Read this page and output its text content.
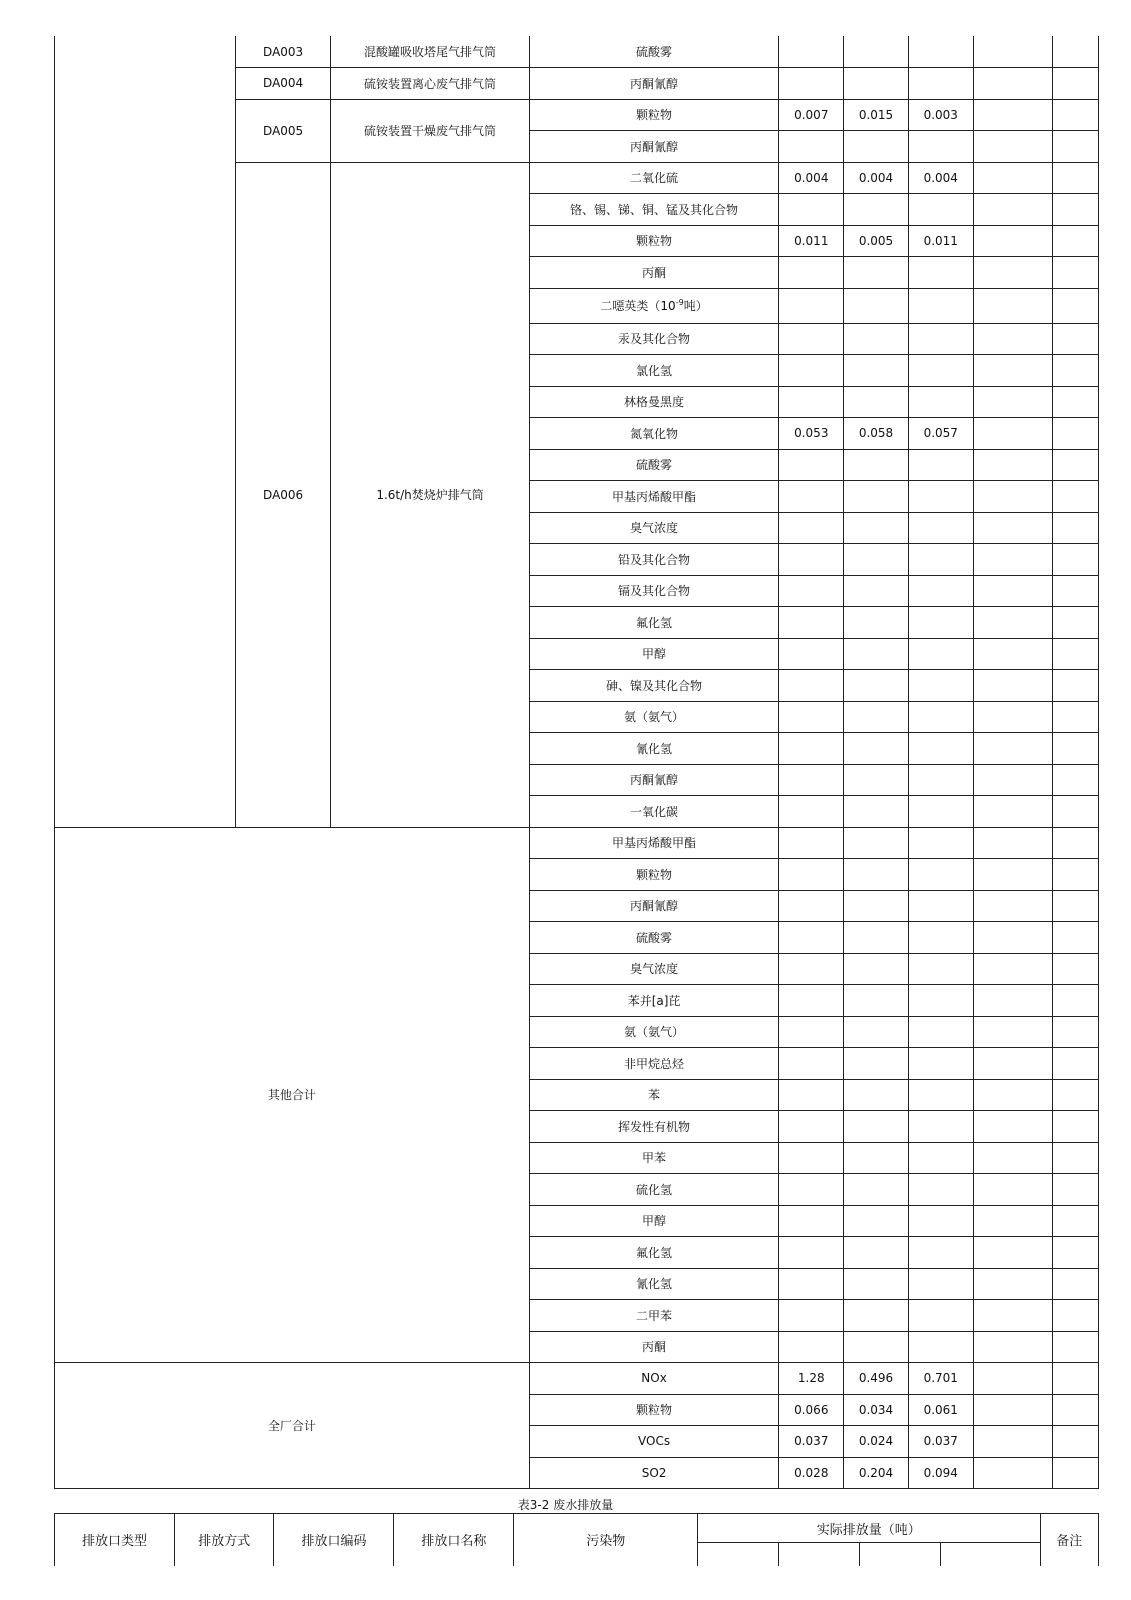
	DA003	混酸罐吸收塔尾气排气筒	硫酸雾					
	DA004	硫铵装置离心废气排气筒	丙酮氰醇					
	DA005	硫铵装置干燥废气排气筒	颗粒物	0.007	0.015	0.003		
			丙酮氰醇					
	DA006	1.6t/h焚烧炉排气筒	二氧化硫	0.004	0.004	0.004		
			铬、锡、锑、铜、锰及其化合物					
			颗粒物	0.011	0.005	0.011		
			丙酮					
			二噁英类（$10^{-9}$吨）					
			汞及其化合物					
			氯化氢					
			林格曼黑度					
			氮氧化物	0.053	0.058	0.057		
			硫酸雾					
			甲基丙烯酸甲酯					
			臭气浓度					
			铅及其化合物					
			镉及其化合物					
			氟化氢					
			甲醇					
			砷、镍及其化合物					
			氨（氨气）					
			氰化氢					
			丙酮氰醇					
			一氧化碳					
其他合计			甲基丙烯酸甲酯					
			颗粒物					
			丙酮氰醇					
			硫酸雾					
			臭气浓度					
			苯并[a]芘					
			氨（氨气）					
			非甲烷总烃					
			苯					
			挥发性有机物					
			甲苯					
			硫化氢					
			甲醇					
			氟化氢					
			氰化氢					
			二甲苯					
			丙酮					
全厂合计			NOx	1.28	0.496	0.701		
			颗粒物	0.066	0.034	0.061		
			VOCs	0.037	0.024	0.037		
			SO2	0.028	0.204	0.094		
表3-2 废水排放量
排放口类型	排放方式	排放口编码	排放口名称	污染物	实际排放量（吨）				备注
